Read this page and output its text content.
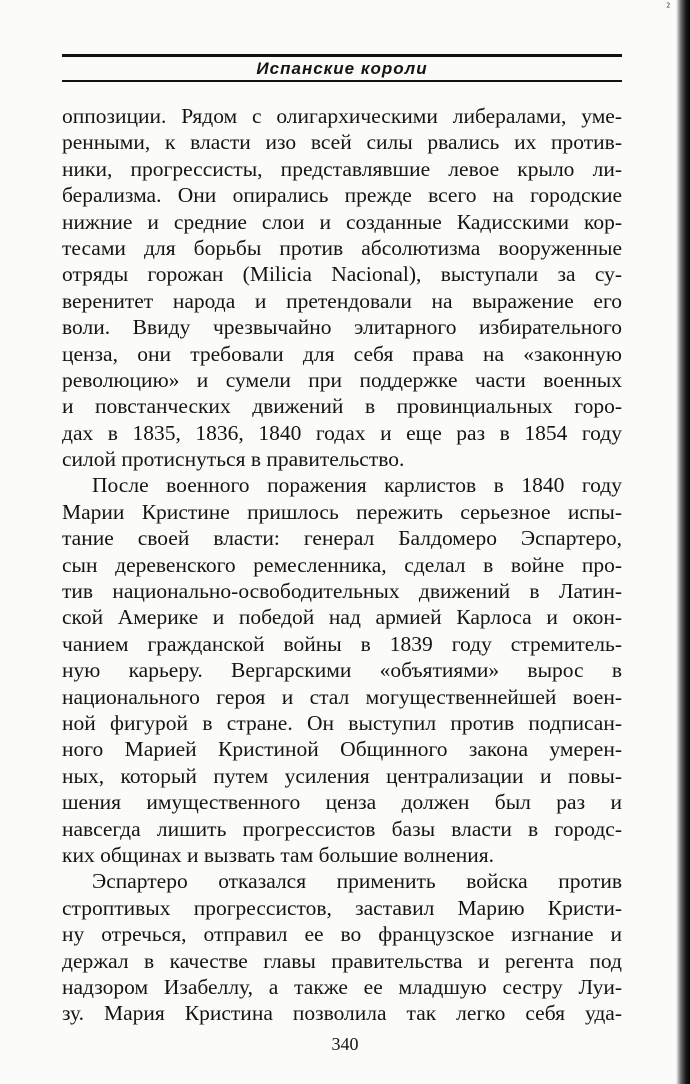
²
Испанские короли
оппозиции. Рядом с олигархическими либералами, уме-
ренными, к власти изо всей силы рвались их против-
ники, прогрессисты, представлявшие левое крыло ли-
берализма. Они опирались прежде всего на городские
нижние и средние слои и созданные Кадисскими кор-
тесами для борьбы против абсолютизма вооруженные
отряды горожан (Milicia Nacional), выступали за су-
веренитет народа и претендовали на выражение его
воли. Ввиду чрезвычайно элитарного избирательного
ценза, они требовали для себя права на «законную
революцию» и сумели при поддержке части военных
и повстанческих движений в провинциальных горо-
дах в 1835, 1836, 1840 годах и еще раз в 1854 году
силой протиснуться в правительство.
После военного поражения карлистов в 1840 году
Марии Кристине пришлось пережить серьезное испы-
тание своей власти: генерал Балдомеро Эспартеро,
сын деревенского ремесленника, сделал в войне про-
тив национально-освободительных движений в Латин-
ской Америке и победой над армией Карлоса и окон-
чанием гражданской войны в 1839 году стремитель-
ную карьеру. Вергарскими «объятиями» вырос в
национального героя и стал могущественнейшей воен-
ной фигурой в стране. Он выступил против подписан-
ного Марией Кристиной Общинного закона умерен-
ных, который путем усиления централизации и повы-
шения имущественного ценза должен был раз и
навсегда лишить прогрессистов базы власти в городс-
ких общинах и вызвать там большие волнения.
Эспартеро отказался применить войска против
строптивых прогрессистов, заставил Марию Кристи-
ну отречься, отправил ее во французское изгнание и
держал в качестве главы правительства и регента под
надзором Изабеллу, а также ее младшую сестру Луи-
зу. Мария Кристина позволила так легко себя уда-
340
